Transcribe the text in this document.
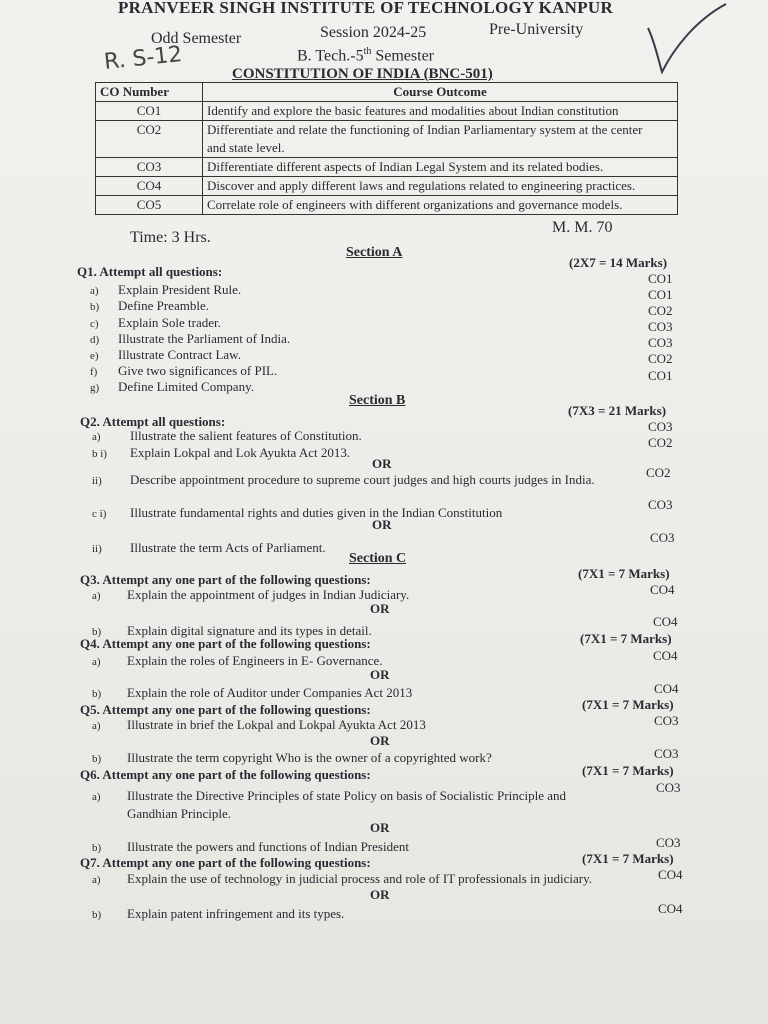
PRANVEER SINGH INSTITUTE OF TECHNOLOGY KANPUR
Odd Semester	Session 2024-25	Pre-University
B. Tech.-5th Semester
CONSTITUTION OF INDIA (BNC-501)
R. S-12
CO Number	Course Outcome
CO1	Identify and explore the basic features and modalities about Indian constitution
CO2	Differentiate and relate the functioning of Indian Parliamentary system at the center
and state level.

CO3	Differentiate different aspects of Indian Legal System and its related bodies.
CO4	Discover and apply different laws and regulations related to engineering practices.
CO5	Correlate role of engineers with different organizations and governance models.
Time: 3 Hrs.
M. M. 70
Section A
Q1. Attempt all questions:
(2X7 = 14 Marks)
a) Explain President Rule.
CO1
b) Define Preamble.
CO1
c) Explain Sole trader.
CO2
d) Illustrate the Parliament of India.
CO3
e) Illustrate Contract Law.
CO3
f) Give two significances of PIL.
CO2
g) Define Limited Company.
CO1
Section B
Q2. Attempt all questions:
(7X3 = 21 Marks)
a) Illustrate the salient features of Constitution.
CO3
b i) Explain Lokpal and Lok Ayukta Act 2013.
CO2
OR
ii) Describe appointment procedure to supreme court judges and high courts judges in India.	CO2
c i) Illustrate fundamental rights and duties given in the Indian Constitution
CO3
OR
ii) Illustrate the term Acts of Parliament.
CO3
Section C
Q3. Attempt any one part of the following questions:	(7X1 = 7 Marks)
a) Explain the appointment of judges in Indian Judiciary.	CO4
OR
b) Explain digital signature and its types in detail.
CO4
Q4. Attempt any one part of the following questions:	(7X1 = 7 Marks)
a) Explain the roles of Engineers in E- Governance.	CO4
OR
b) Explain the role of Auditor under Companies Act 2013	CO4
Q5. Attempt any one part of the following questions:	(7X1 = 7 Marks)
a) Illustrate in brief the Lokpal and Lokpal Ayukta Act 2013	CO3
OR
b) Illustrate the term copyright Who is the owner of a copyrighted work?	CO3
Q6. Attempt any one part of the following questions:	(7X1 = 7 Marks)
a) Illustrate the Directive Principles of state Policy on basis of Socialistic Principle and
Gandhian Principle.
CO3
OR
b) Illustrate the powers and functions of Indian President	CO3
Q7. Attempt any one part of the following questions:	(7X1 = 7 Marks)
a) Explain the use of technology in judicial process and role of IT professionals in judiciary.	CO4
OR
b) Explain patent infringement and its types.	CO4
